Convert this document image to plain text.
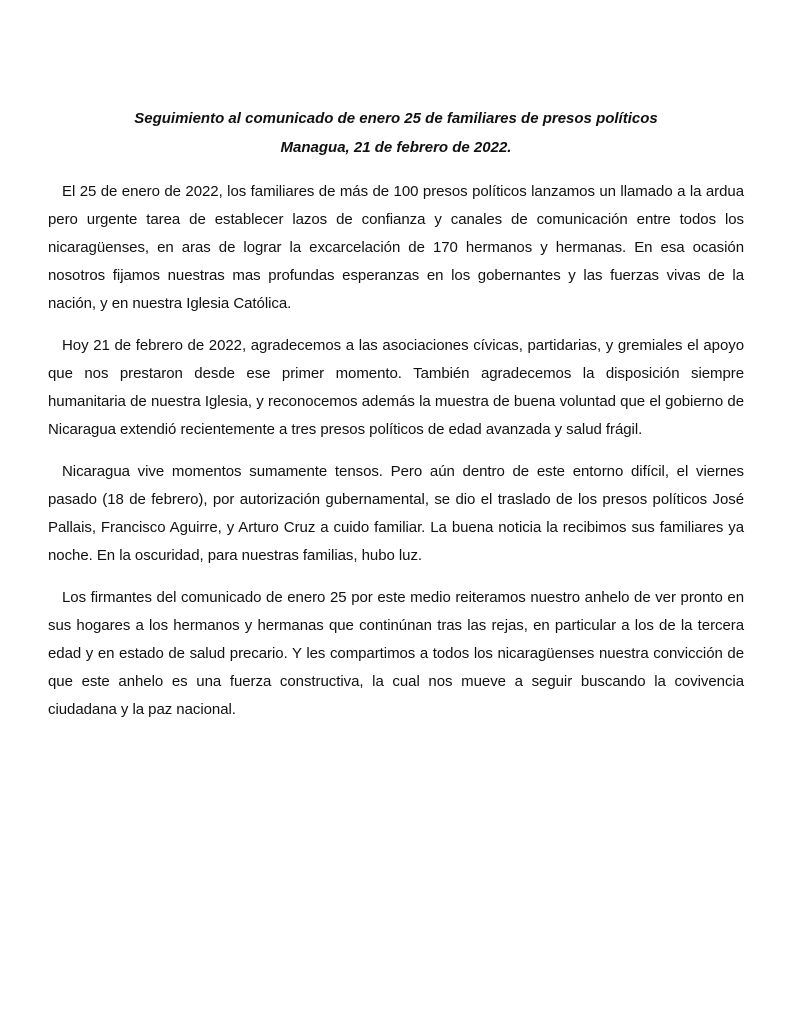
Seguimiento al comunicado de enero 25 de familiares de presos políticos
Managua, 21 de febrero de 2022.

El 25 de enero de 2022, los familiares de más de 100 presos políticos lanzamos un llamado a la ardua pero urgente tarea de establecer lazos de confianza y canales de comunicación entre todos los nicaragüenses, en aras de lograr la excarcelación de 170 hermanos y hermanas. En esa ocasión nosotros fijamos nuestras mas profundas esperanzas en los gobernantes y las fuerzas vivas de la nación, y en nuestra Iglesia Católica.

Hoy 21 de febrero de 2022, agradecemos a las asociaciones cívicas, partidarias, y gremiales el apoyo que nos prestaron desde ese primer momento. También agradecemos la disposición siempre humanitaria de nuestra Iglesia, y reconocemos además la muestra de buena voluntad que el gobierno de Nicaragua extendió recientemente a tres presos políticos de edad avanzada y salud frágil.

Nicaragua vive momentos sumamente tensos. Pero aún dentro de este entorno difícil, el viernes pasado (18 de febrero), por autorización gubernamental, se dio el traslado de los presos políticos José Pallais, Francisco Aguirre, y Arturo Cruz a cuido familiar. La buena noticia la recibimos sus familiares ya noche. En la oscuridad, para nuestras familias, hubo luz.

Los firmantes del comunicado de enero 25 por este medio reiteramos nuestro anhelo de ver pronto en sus hogares a los hermanos y hermanas que continúnan tras las rejas, en particular a los de la tercera edad y en estado de salud precario. Y les compartimos a todos los nicaragüenses nuestra convicción de que este anhelo es una fuerza constructiva, la cual nos mueve a seguir buscando la covivencia ciudadana y la paz nacional.
